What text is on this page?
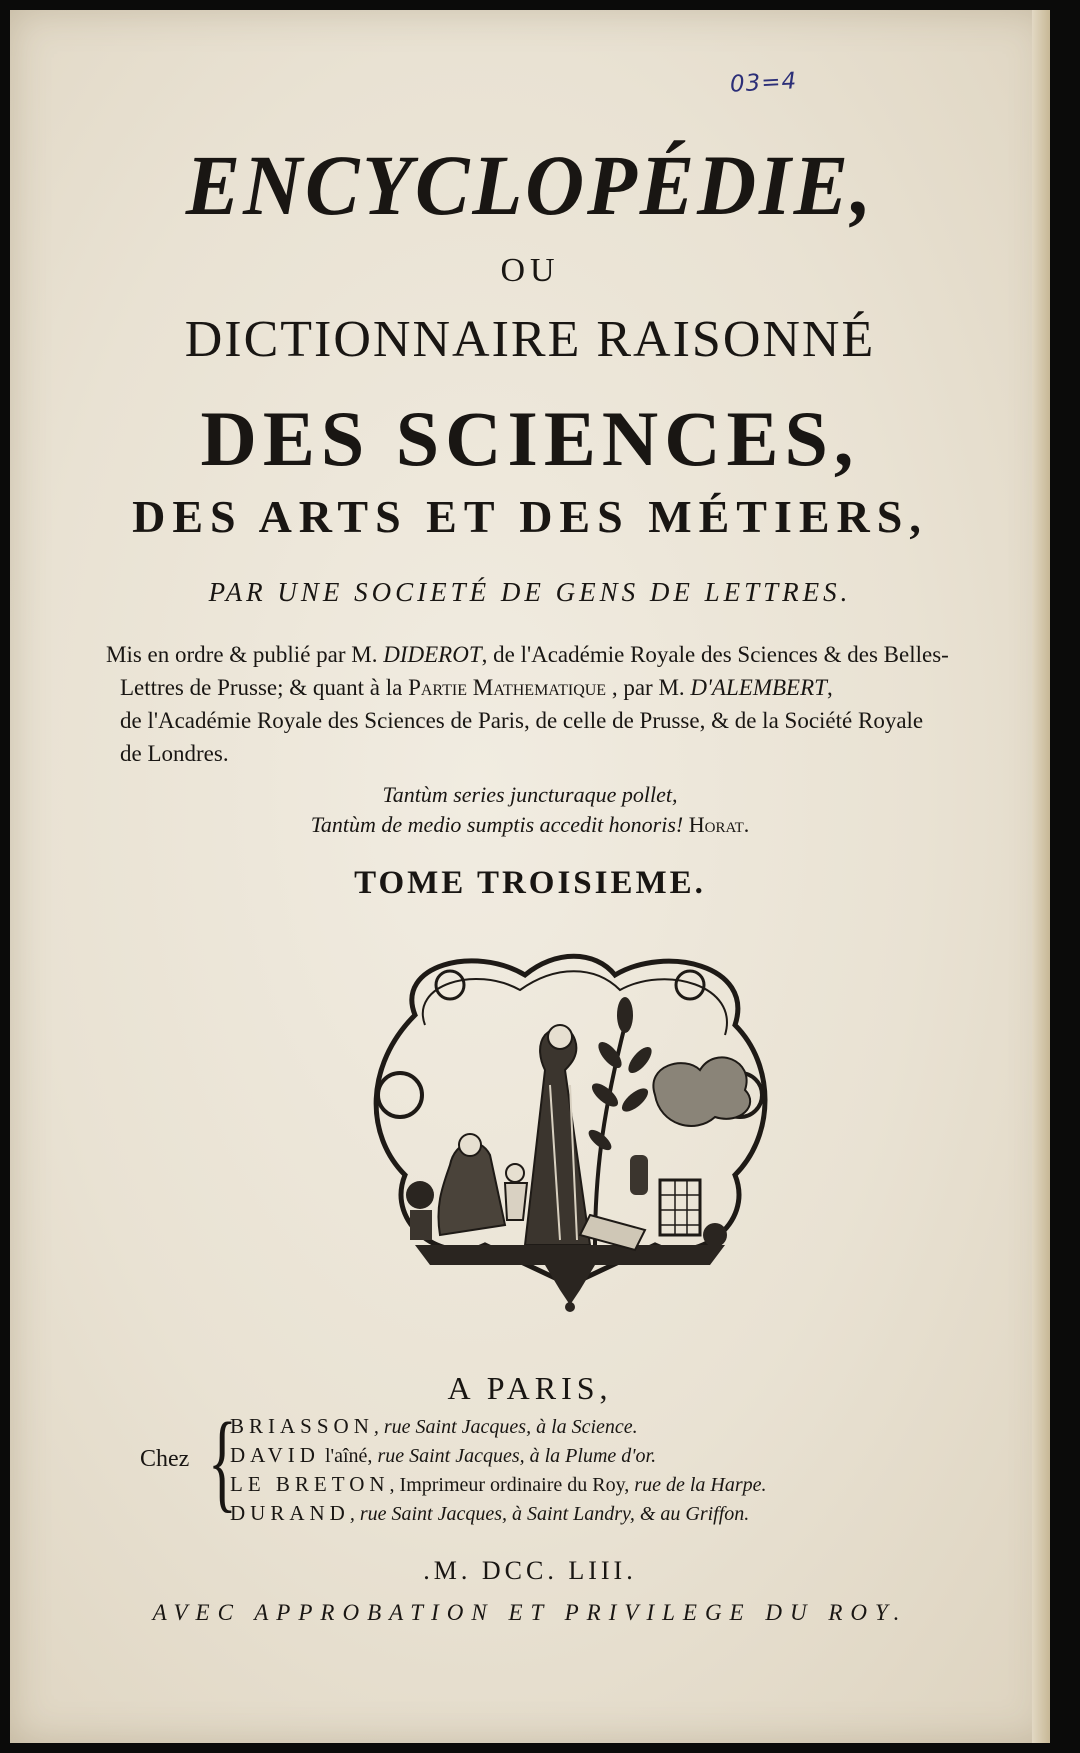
03=4
ENCYCLOPÉDIE,
OU
DICTIONNAIRE RAISONNÉ
DES SCIENCES,
DES ARTS ET DES MÉTIERS,
PAR UNE SOCIETÉ DE GENS DE LETTRES.

Mis en ordre & publié par M. DIDEROT, de l'Académie Royale des Sciences & des Belles-

Lettres de Prusse; & quant à la Partie Mathematique , par M. D'ALEMBERT,

de l'Académie Royale des Sciences de Paris, de celle de Prusse, & de la Société Royale

de Londres.

Tantùm series juncturaque pollet,
Tantùm de medio sumptis accedit honoris! Horat.
TOME TROISIEME.
A PARIS,
Chez {
BRIASSON, rue Saint Jacques, à la Science.
DAVID l'aîné, rue Saint Jacques, à la Plume d'or.
LE BRETON, Imprimeur ordinaire du Roy, rue de la Harpe.
DURAND, rue Saint Jacques, à Saint Landry, & au Griffon.
.M. DCC. LIII.
AVEC APPROBATION ET PRIVILEGE DU ROY.
